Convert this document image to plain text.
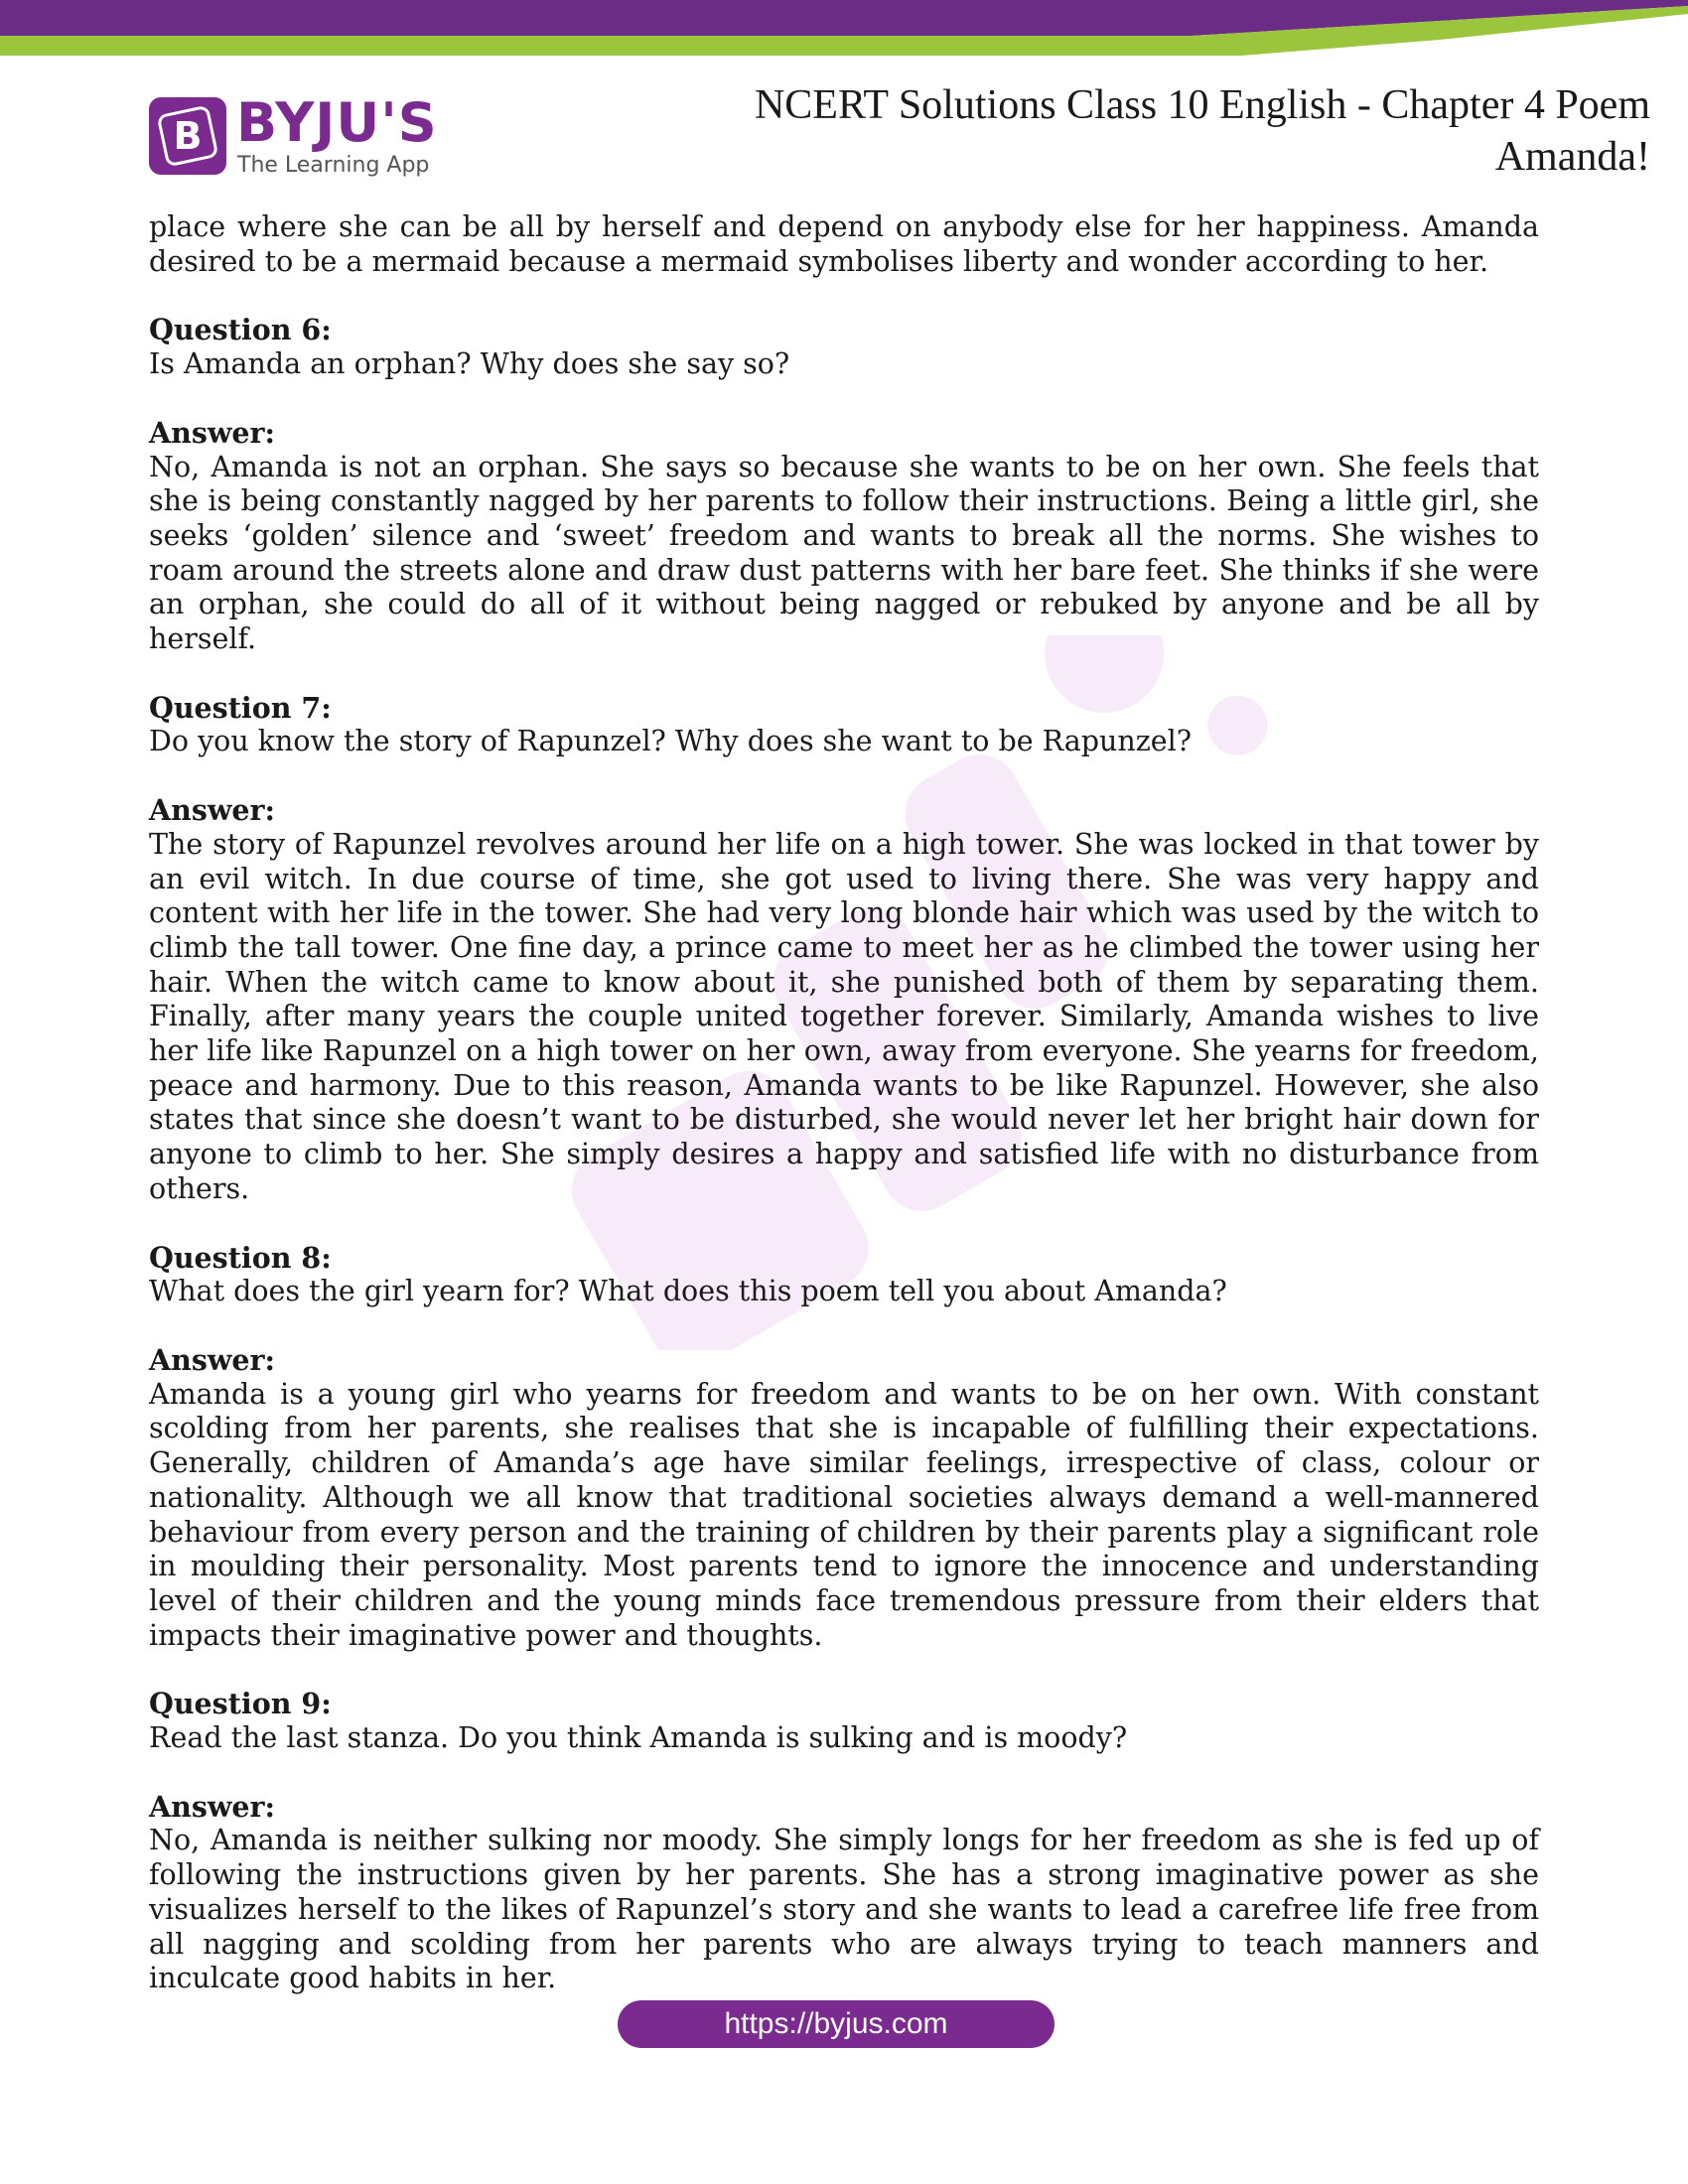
B BYJU'S
The Learning App
NCERT Solutions Class 10 English - Chapter 4 Poem
Amanda!

place where she can be all by herself and depend on anybody else for her happiness. Amanda desired to be a mermaid because a mermaid symbolises liberty and wonder according to her.

Question 6:

Is Amanda an orphan? Why does she say so?

Answer:

No, Amanda is not an orphan. She says so because she wants to be on her own. She feels that she is being constantly nagged by her parents to follow their instructions. Being a little girl, she seeks ‘golden’ silence and ‘sweet’ freedom and wants to break all the norms. She wishes to roam around the streets alone and draw dust patterns with her bare feet. She thinks if she were an orphan, she could do all of it without being nagged or rebuked by anyone and be all by herself.

Question 7:

Do you know the story of Rapunzel? Why does she want to be Rapunzel?

Answer:

The story of Rapunzel revolves around her life on a high tower. She was locked in that tower by an evil witch. In due course of time, she got used to living there. She was very happy and content with her life in the tower. She had very long blonde hair which was used by the witch to climb the tall tower. One fine day, a prince came to meet her as he climbed the tower using her hair. When the witch came to know about it, she punished both of them by separating them. Finally, after many years the couple united together forever. Similarly, Amanda wishes to live her life like Rapunzel on a high tower on her own, away from everyone. She yearns for freedom, peace and harmony. Due to this reason, Amanda wants to be like Rapunzel. However, she also states that since she doesn’t want to be disturbed, she would never let her bright hair down for anyone to climb to her. She simply desires a happy and satisfied life with no disturbance from others.

Question 8:

What does the girl yearn for? What does this poem tell you about Amanda?

Answer:

Amanda is a young girl who yearns for freedom and wants to be on her own. With constant scolding from her parents, she realises that she is incapable of fulfilling their expectations. Generally, children of Amanda’s age have similar feelings, irrespective of class, colour or nationality. Although we all know that traditional societies always demand a well-mannered behaviour from every person and the training of children by their parents play a significant role in moulding their personality. Most parents tend to ignore the innocence and understanding level of their children and the young minds face tremendous pressure from their elders that impacts their imaginative power and thoughts.

Question 9:

Read the last stanza. Do you think Amanda is sulking and is moody?

Answer:

No, Amanda is neither sulking nor moody. She simply longs for her freedom as she is fed up of following the instructions given by her parents. She has a strong imaginative power as she visualizes herself to the likes of Rapunzel’s story and she wants to lead a carefree life free from all nagging and scolding from her parents who are always trying to teach manners and inculcate good habits in her.

https://byjus.com
